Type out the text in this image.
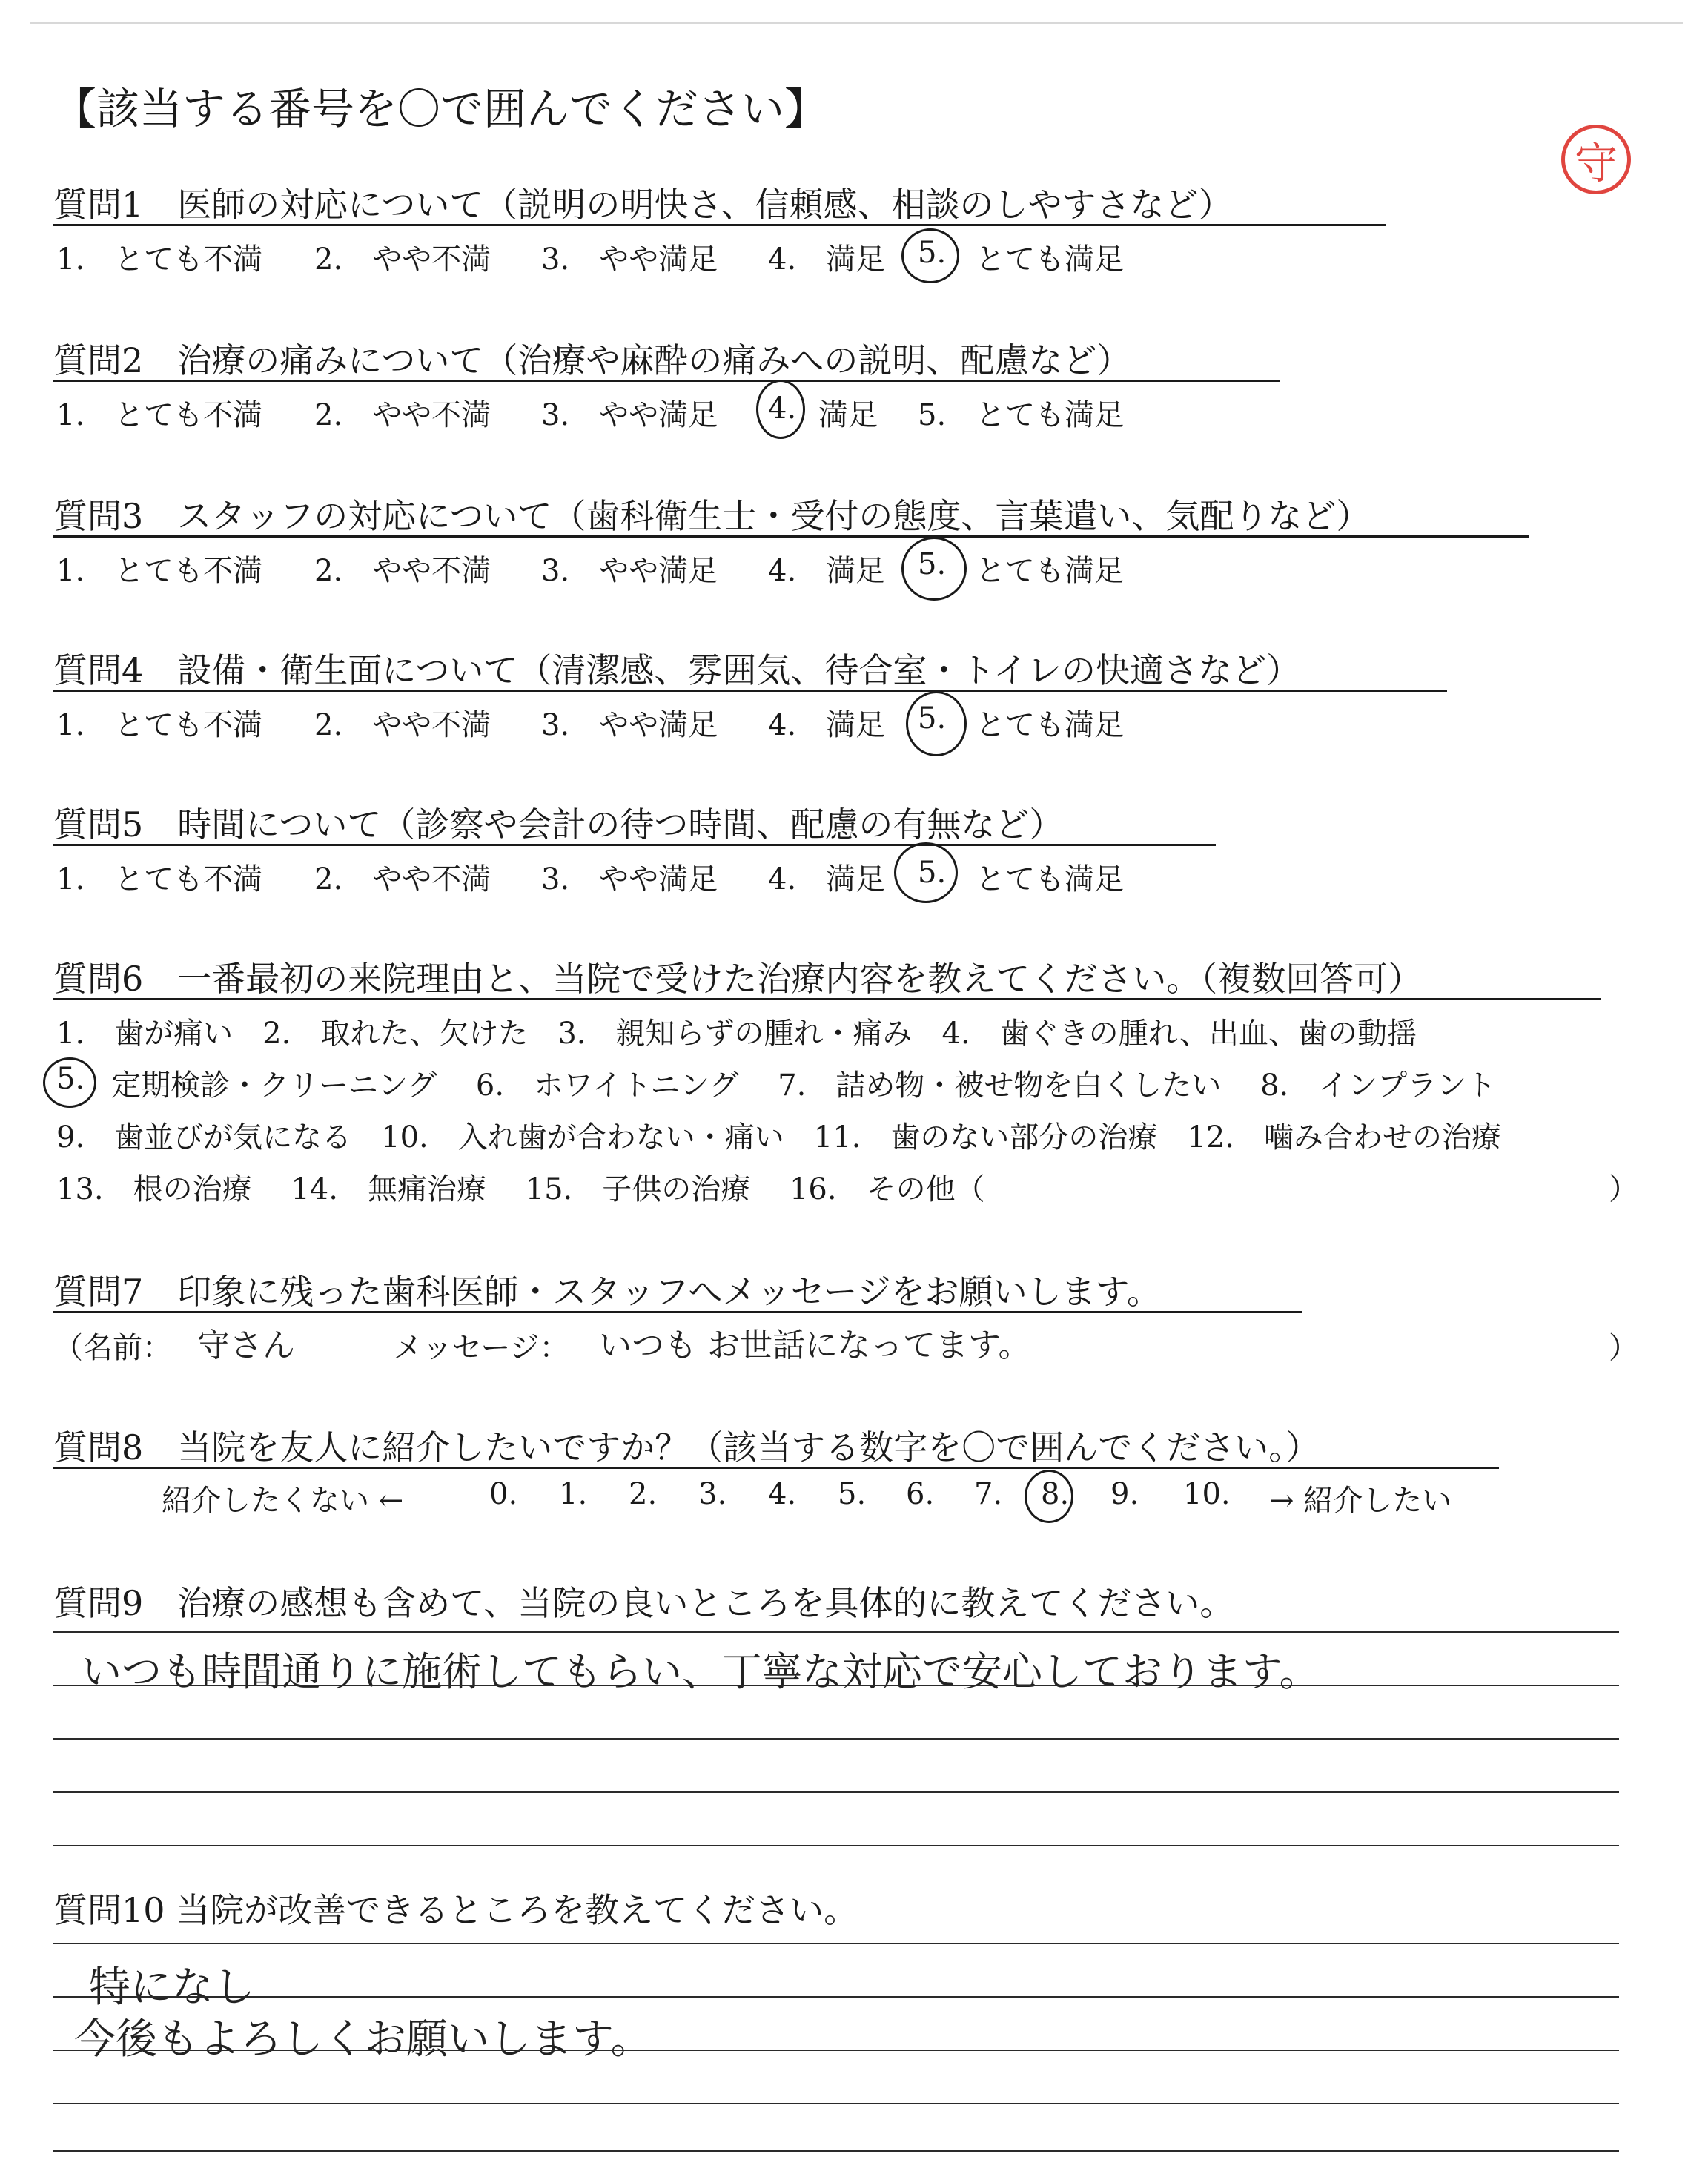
【該当する番号を〇で囲んでください】
守
質問1　医師の対応について（説明の明快さ、信頼感、相談のしやすさなど）
1.　とても不満 2.　やや不満 3.　やや満足 4.　満足 5. とても満足
質問2　治療の痛みについて（治療や麻酔の痛みへの説明、配慮など）
1.　とても不満 2.　やや不満 3.　やや満足 4. 満足 5.　とても満足
質問3　スタッフの対応について（歯科衛生士・受付の態度、言葉遣い、気配りなど）
1.　とても不満 2.　やや不満 3.　やや満足 4.　満足 5. とても満足
質問4　設備・衛生面について（清潔感、雰囲気、待合室・トイレの快適さなど）
1.　とても不満 2.　やや不満 3.　やや満足 4.　満足 5. とても満足
質問5　時間について（診察や会計の待つ時間、配慮の有無など）
1.　とても不満 2.　やや不満 3.　やや満足 4.　満足 5. とても満足
質問6　一番最初の来院理由と、当院で受けた治療内容を教えてください。（複数回答可）
1.　歯が痛い　2.　取れた、欠けた　3.　親知らずの腫れ・痛み　4.　歯ぐきの腫れ、出血、歯の動揺
5. 定期検診・クリーニング　 6.　ホワイトニング　 7.　詰め物・被せ物を白くしたい　 8.　インプラント
9.　歯並びが気になる　10.　入れ歯が合わない・痛い　11.　歯のない部分の治療　12.　噛み合わせの治療
13.　根の治療　 14.　無痛治療　 15.　子供の治療　 16.　その他（	）
質問7　印象に残った歯科医師・スタッフへメッセージをお願いします。
（名前： 守さん	メッセージ： いつも お世話になってます。	）
質問8　当院を友人に紹介したいですか？（該当する数字を〇で囲んでください。）
紹介したくない ←	0. 1. 2. 3. 4. 5. 6. 7. 8. 9. 10. → 紹介したい
質問9　治療の感想も含めて、当院の良いところを具体的に教えてください。
いつも時間通りに施術してもらい、丁寧な対応で安心しております。
質問10 当院が改善できるところを教えてください。
特になし
今後もよろしくお願いします。
